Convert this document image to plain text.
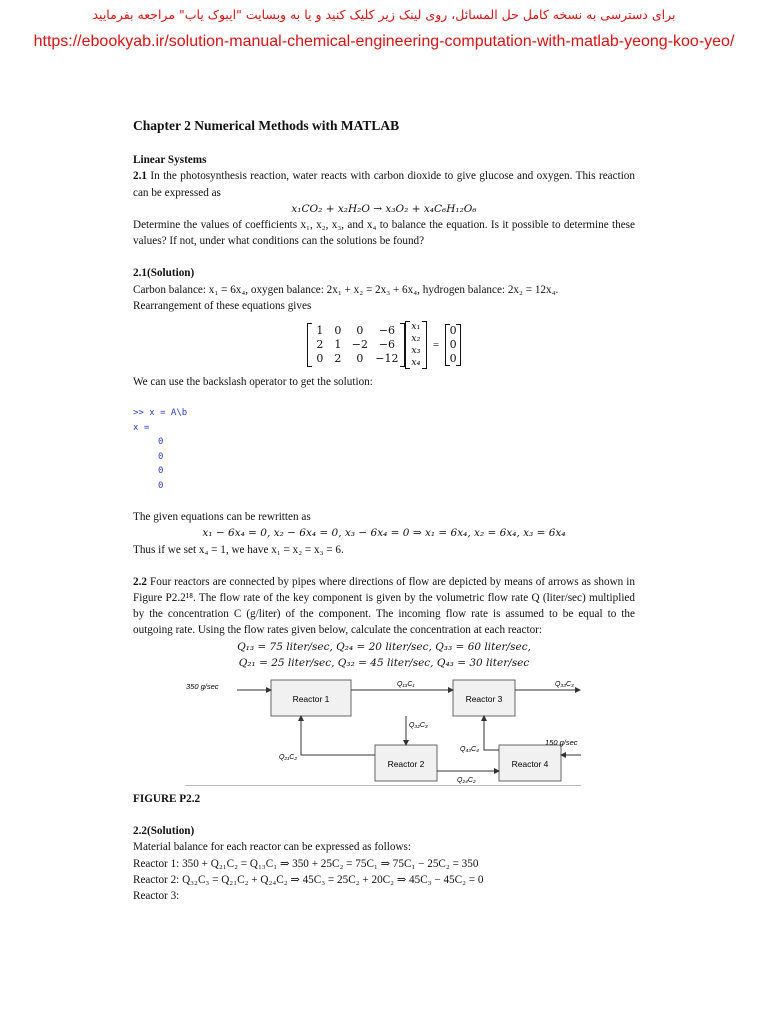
برای دسترسی به نسخه کامل حل المسائل، روی لینک زیر کلیک کنید و یا به وبسایت "ایبوک یاب" مراجعه بفرمایید
https://ebookyab.ir/solution-manual-chemical-engineering-computation-with-matlab-yeong-koo-yeo/

Chapter 2 Numerical Methods with MATLAB

Linear Systems

2.1 In the photosynthesis reaction, water reacts with carbon dioxide to give glucose and oxygen. This reaction can be expressed as

x₁CO₂ + x₂H₂O → x₃O₂ + x₄C₆H₁₂O₆

Determine the values of coefficients x₁, x₂, x₃, and x₄ to balance the equation. Is it possible to determine these values? If not, under what conditions can the solutions be found?

2.1(Solution)

Carbon balance: x₁ = 6x₄, oxygen balance: 2x₁ + x₂ = 2x₃ + 6x₄, hydrogen balance: 2x₂ = 12x₄.

Rearrangement of these equations gives

1	0	0	−6
2	1 −2 −6
0	2	0	−12
x₁
x₂
x₃
x₄
=
0
0
0

We can use the backslash operator to get the solution:

>> x = A\b
x =
0
0
0
0

The given equations can be rewritten as

x₁ − 6x₄ = 0, x₂ − 6x₄ = 0, x₃ − 6x₄ = 0 ⇒ x₁ = 6x₄, x₂ = 6x₄, x₃ = 6x₄

Thus if we set x₄ = 1, we have x₁ = x₂ = x₃ = 6.

2.2 Four reactors are connected by pipes where directions of flow are depicted by means of arrows as shown in Figure P2.2¹⁸. The flow rate of the key component is given by the volumetric flow rate Q (liter/sec) multiplied by the concentration C (g/liter) of the component. The incoming flow rate is assumed to be equal to the outgoing rate. Using the flow rates given below, calculate the concentration at each reactor:

Q₁₃ = 75 liter/sec, Q₂₄ = 20 liter/sec, Q₃₃ = 60 liter/sec,

Q₂₁ = 25 liter/sec, Q₃₂ = 45 liter/sec, Q₄₃ = 30 liter/sec

Reactor 1	Reactor 3
Reactor 2	Reactor 4
350 g/sec	Q₁₃C₁	Q₃₃C₃
Q₃₂C₃
Q₄₃C₄
Q₂₁C₂
Q₂₄C₂
150 g/sec

FIGURE P2.2

2.2(Solution)

Material balance for each reactor can be expressed as follows:

Reactor 1: 350 + Q₂₁C₂ = Q₁₃C₁ ⇒ 350 + 25C₂ = 75C₁ ⇒ 75C₁ − 25C₂ = 350

Reactor 2: Q₃₂C₃ = Q₂₁C₂ + Q₂₄C₂ ⇒ 45C₃ = 25C₂ + 20C₂ ⇒ 45C₃ − 45C₂ = 0

Reactor 3:
